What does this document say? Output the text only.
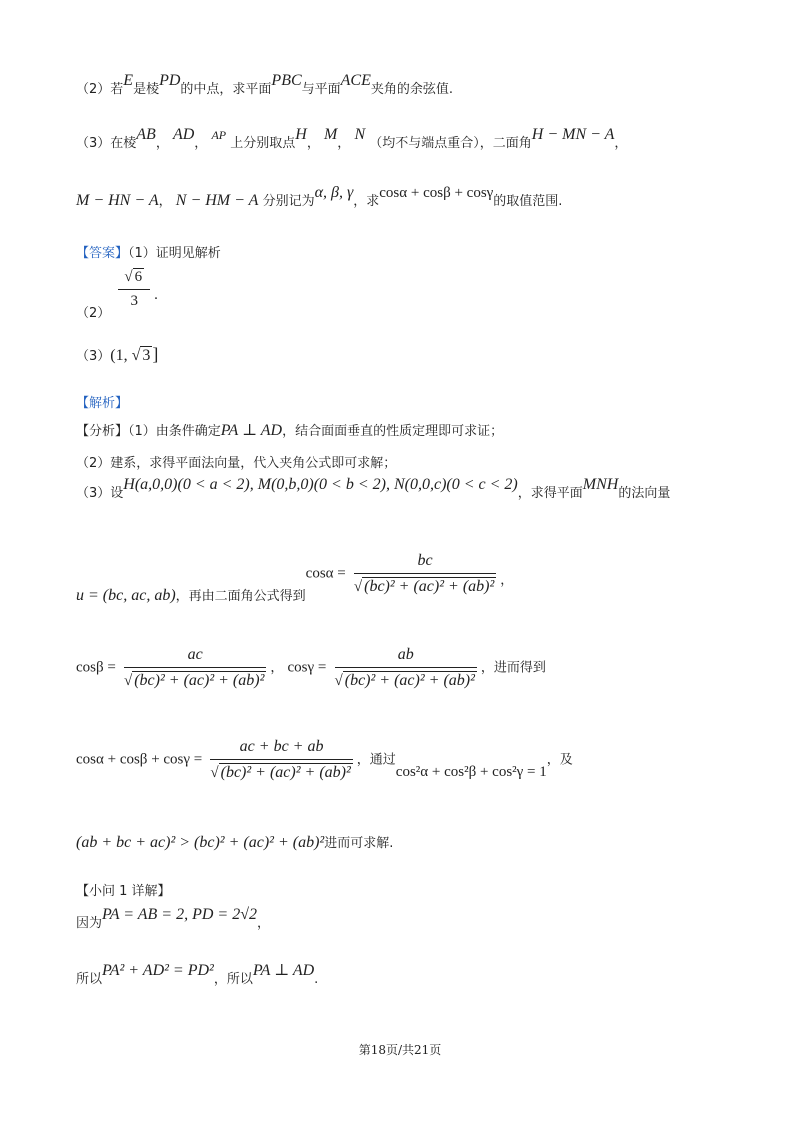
（2）若E是棱PD的中点，求平面PBC与平面ACE夹角的余弦值.
（3）在棱AB， AD， AP 上分别取点H， M， N （均不与端点重合），二面角H − MN − A，
M − HN − A， N − HM − A 分别记为α, β, γ，求cosα + cosβ + cosγ的取值范围.
【答案】（1）证明见解析
（2）
$\frac{√ 6}{3}$ .
（3）(1, √ 3 ]
【解析】
【分析】（1）由条件确定PA ⊥ AD，结合面面垂直的性质定理即可求证；
（2）建系，求得平面法向量，代入夹角公式即可求解；
（3）设H(a,0,0)(0 < a < 2), M(0,b,0)(0 < b < 2), N(0,0,c)(0 < c < 2)，求得平面MNH的法向量
u = (bc, ac, ab)，再由二面角公式得到$\cos\alpha = \frac{bc}{\text{√ (bc)² + (ac)² + (ab)²}}$ ，
$\cos\beta = \frac{ac}{\text{√ (bc)² + (ac)² + (ab)²}}$ ， $\cos\gamma = \frac{ab}{\text{√ (bc)² + (ac)² + (ab)²}}$ ，进而得到
$\cos\alpha + \cos\beta + \cos\gamma = \frac{ac + bc + ab}{\text{√ (bc)² + (ac)² + (ab)²}}$ ，通过cos²α + cos²β + cos²γ = 1，及
(ab + bc + ac)² > (bc)² + (ac)² + (ab)²进而可求解.
【小问 1 详解】
因为PA = AB = 2, PD = 2√2，
所以PA² + AD² = PD²，所以PA ⊥ AD.
第18页/共21页
